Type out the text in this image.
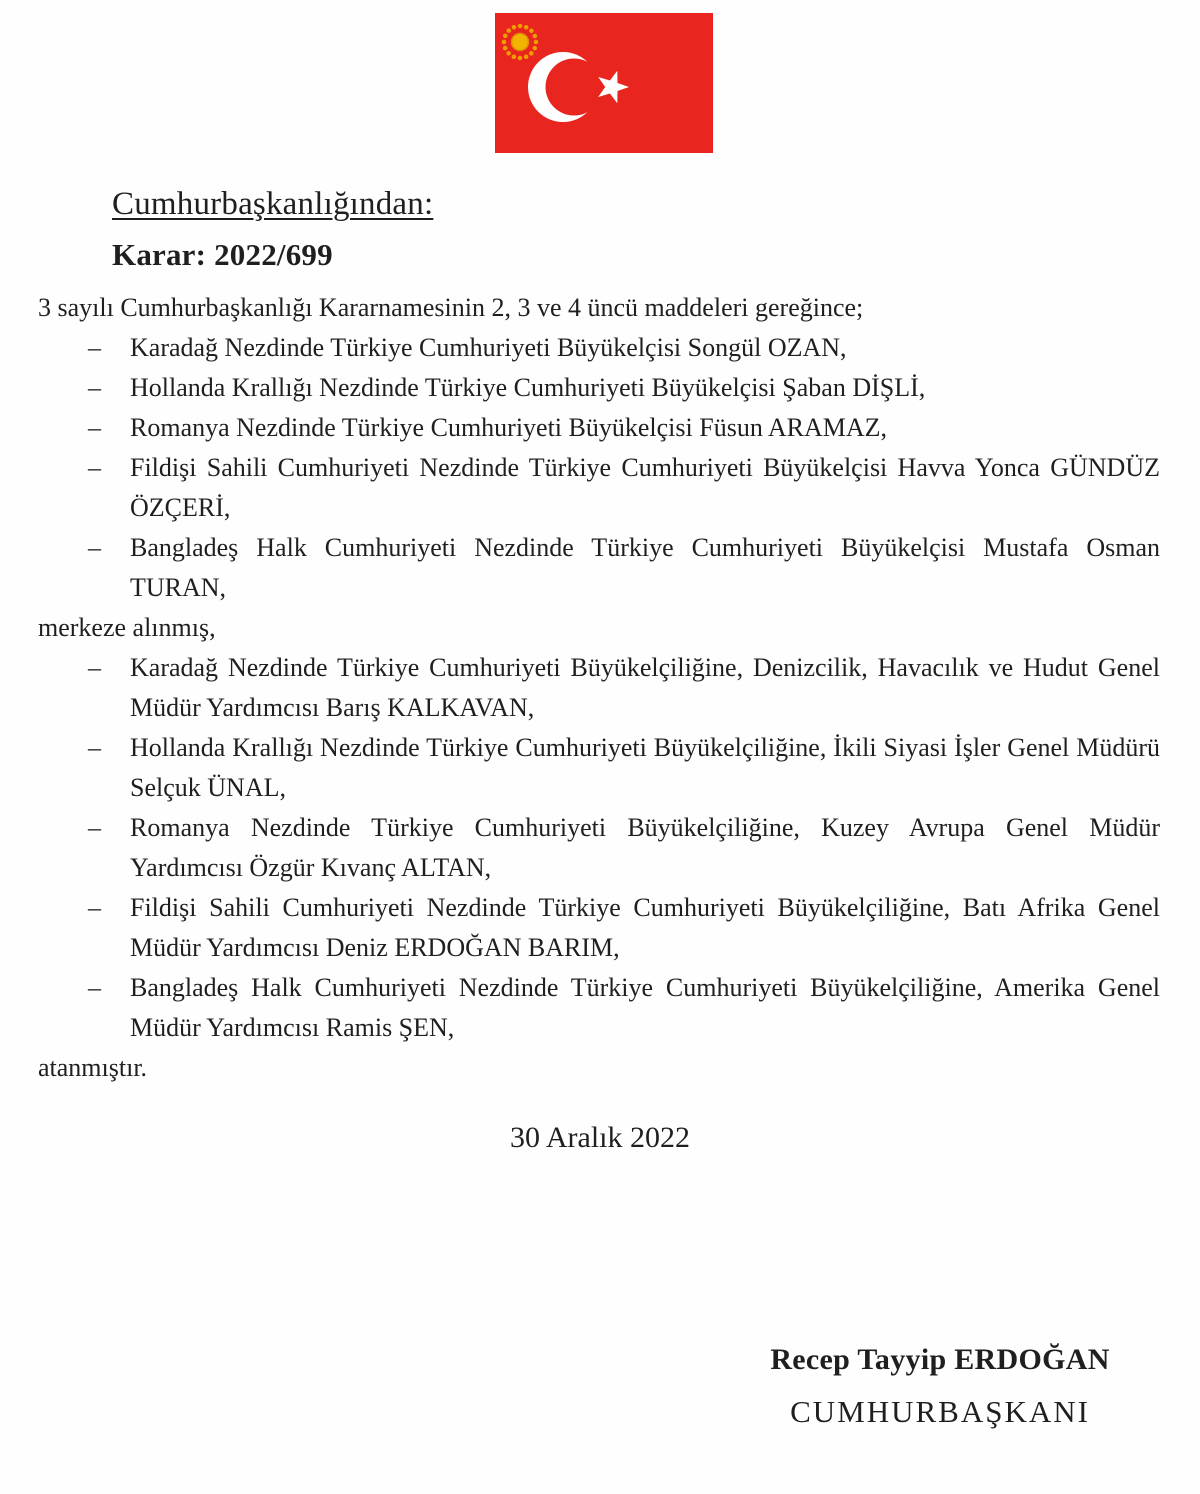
Cumhurbaşkanlığından:
Karar: 2022/699

3 sayılı Cumhurbaşkanlığı Kararnamesinin 2, 3 ve 4 üncü maddeleri gereğince;

– Karadağ Nezdinde Türkiye Cumhuriyeti Büyükelçisi Songül OZAN,
– Hollanda Krallığı Nezdinde Türkiye Cumhuriyeti Büyükelçisi Şaban DİŞLİ,
– Romanya Nezdinde Türkiye Cumhuriyeti Büyükelçisi Füsun ARAMAZ,
– Fildişi Sahili Cumhuriyeti Nezdinde Türkiye Cumhuriyeti Büyükelçisi Havva Yonca GÜNDÜZ ÖZÇERİ,
– Bangladeş Halk Cumhuriyeti Nezdinde Türkiye Cumhuriyeti Büyükelçisi Mustafa Osman TURAN,

merkeze alınmış,

– Karadağ Nezdinde Türkiye Cumhuriyeti Büyükelçiliğine, Denizcilik, Havacılık ve Hudut Genel Müdür Yardımcısı Barış KALKAVAN,
– Hollanda Krallığı Nezdinde Türkiye Cumhuriyeti Büyükelçiliğine, İkili Siyasi İşler Genel Müdürü Selçuk ÜNAL,
– Romanya Nezdinde Türkiye Cumhuriyeti Büyükelçiliğine, Kuzey Avrupa Genel Müdür Yardımcısı Özgür Kıvanç ALTAN,
– Fildişi Sahili Cumhuriyeti Nezdinde Türkiye Cumhuriyeti Büyükelçiliğine, Batı Afrika Genel Müdür Yardımcısı Deniz ERDOĞAN BARIM,
– Bangladeş Halk Cumhuriyeti Nezdinde Türkiye Cumhuriyeti Büyükelçiliğine, Amerika Genel Müdür Yardımcısı Ramis ŞEN,

atanmıştır.

30 Aralık 2022
Recep Tayyip ERDOĞAN
CUMHURBAŞKANI
